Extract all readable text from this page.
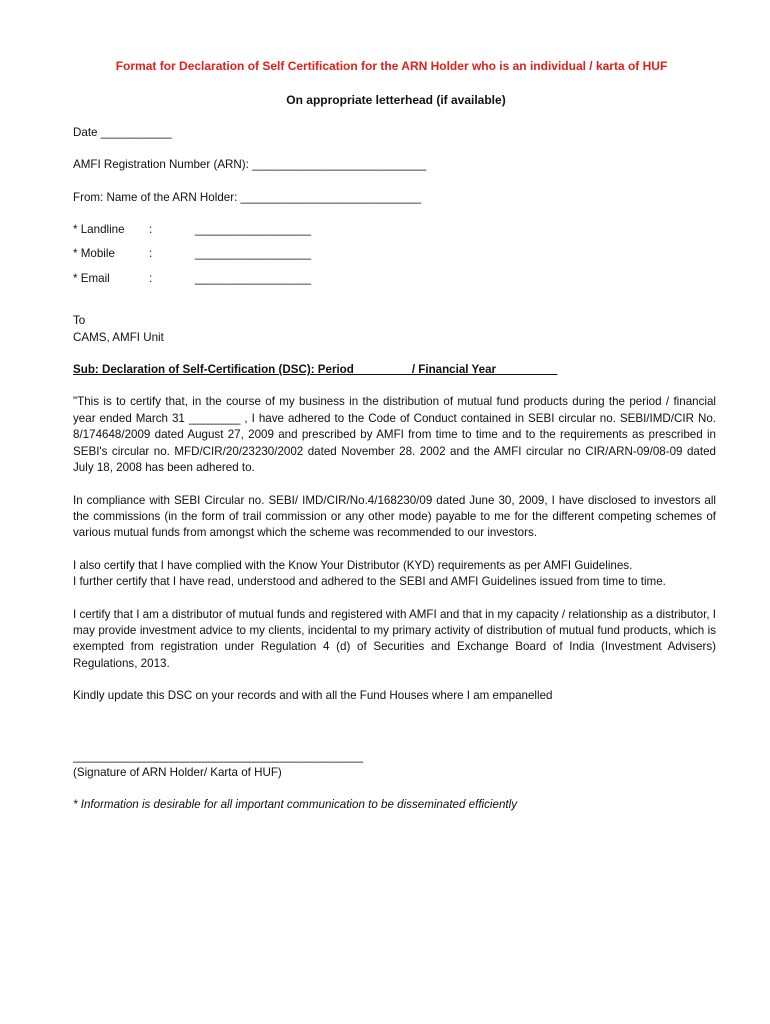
Format for Declaration of Self Certification for the ARN Holder who is an individual / karta of HUF
On appropriate letterhead (if available)
Date ___________
AMFI Registration Number (ARN): ___________________________
From: Name of the ARN Holder: ____________________________
* Landline	:	__________________
* Mobile	:	__________________
* Email	:	__________________
To
CAMS, AMFI Unit
Sub: Declaration of Self-Certification (DSC): Period                  / Financial Year _________

"This is to certify that, in the course of my business in the distribution of mutual fund products during the period / financial year ended March 31 ________ , I have adhered to the Code of Conduct contained in SEBI circular no. SEBI/IMD/CIR No. 8/174648/2009 dated August 27, 2009 and prescribed by AMFI from time to time and to the requirements as prescribed in SEBI's circular no. MFD/CIR/20/23230/2002 dated November 28. 2002 and the AMFI circular no CIR/ARN-09/08-09 dated July 18, 2008 has been adhered to.

In compliance with SEBI Circular no. SEBI/ IMD/CIR/No.4/168230/09 dated June 30, 2009, I have disclosed to investors all the commissions (in the form of trail commission or any other mode) payable to me for the different competing schemes of various mutual funds from amongst which the scheme was recommended to our investors.

I also certify that I have complied with the Know Your Distributor (KYD) requirements as per AMFI Guidelines.

I further certify that I have read, understood and adhered to the SEBI and AMFI Guidelines issued from time to time.

I certify that I am a distributor of mutual funds and registered with AMFI and that in my capacity / relationship as a distributor, I may provide investment advice to my clients, incidental to my primary activity of distribution of mutual fund products, which is exempted from registration under Regulation 4 (d) of Securities and Exchange Board of India (Investment Advisers) Regulations, 2013.

Kindly update this DSC on your records and with all the Fund Houses where I am empanelled

_____________________________________________
(Signature of ARN Holder/ Karta of HUF)
* Information is desirable for all important communication to be disseminated efficiently
